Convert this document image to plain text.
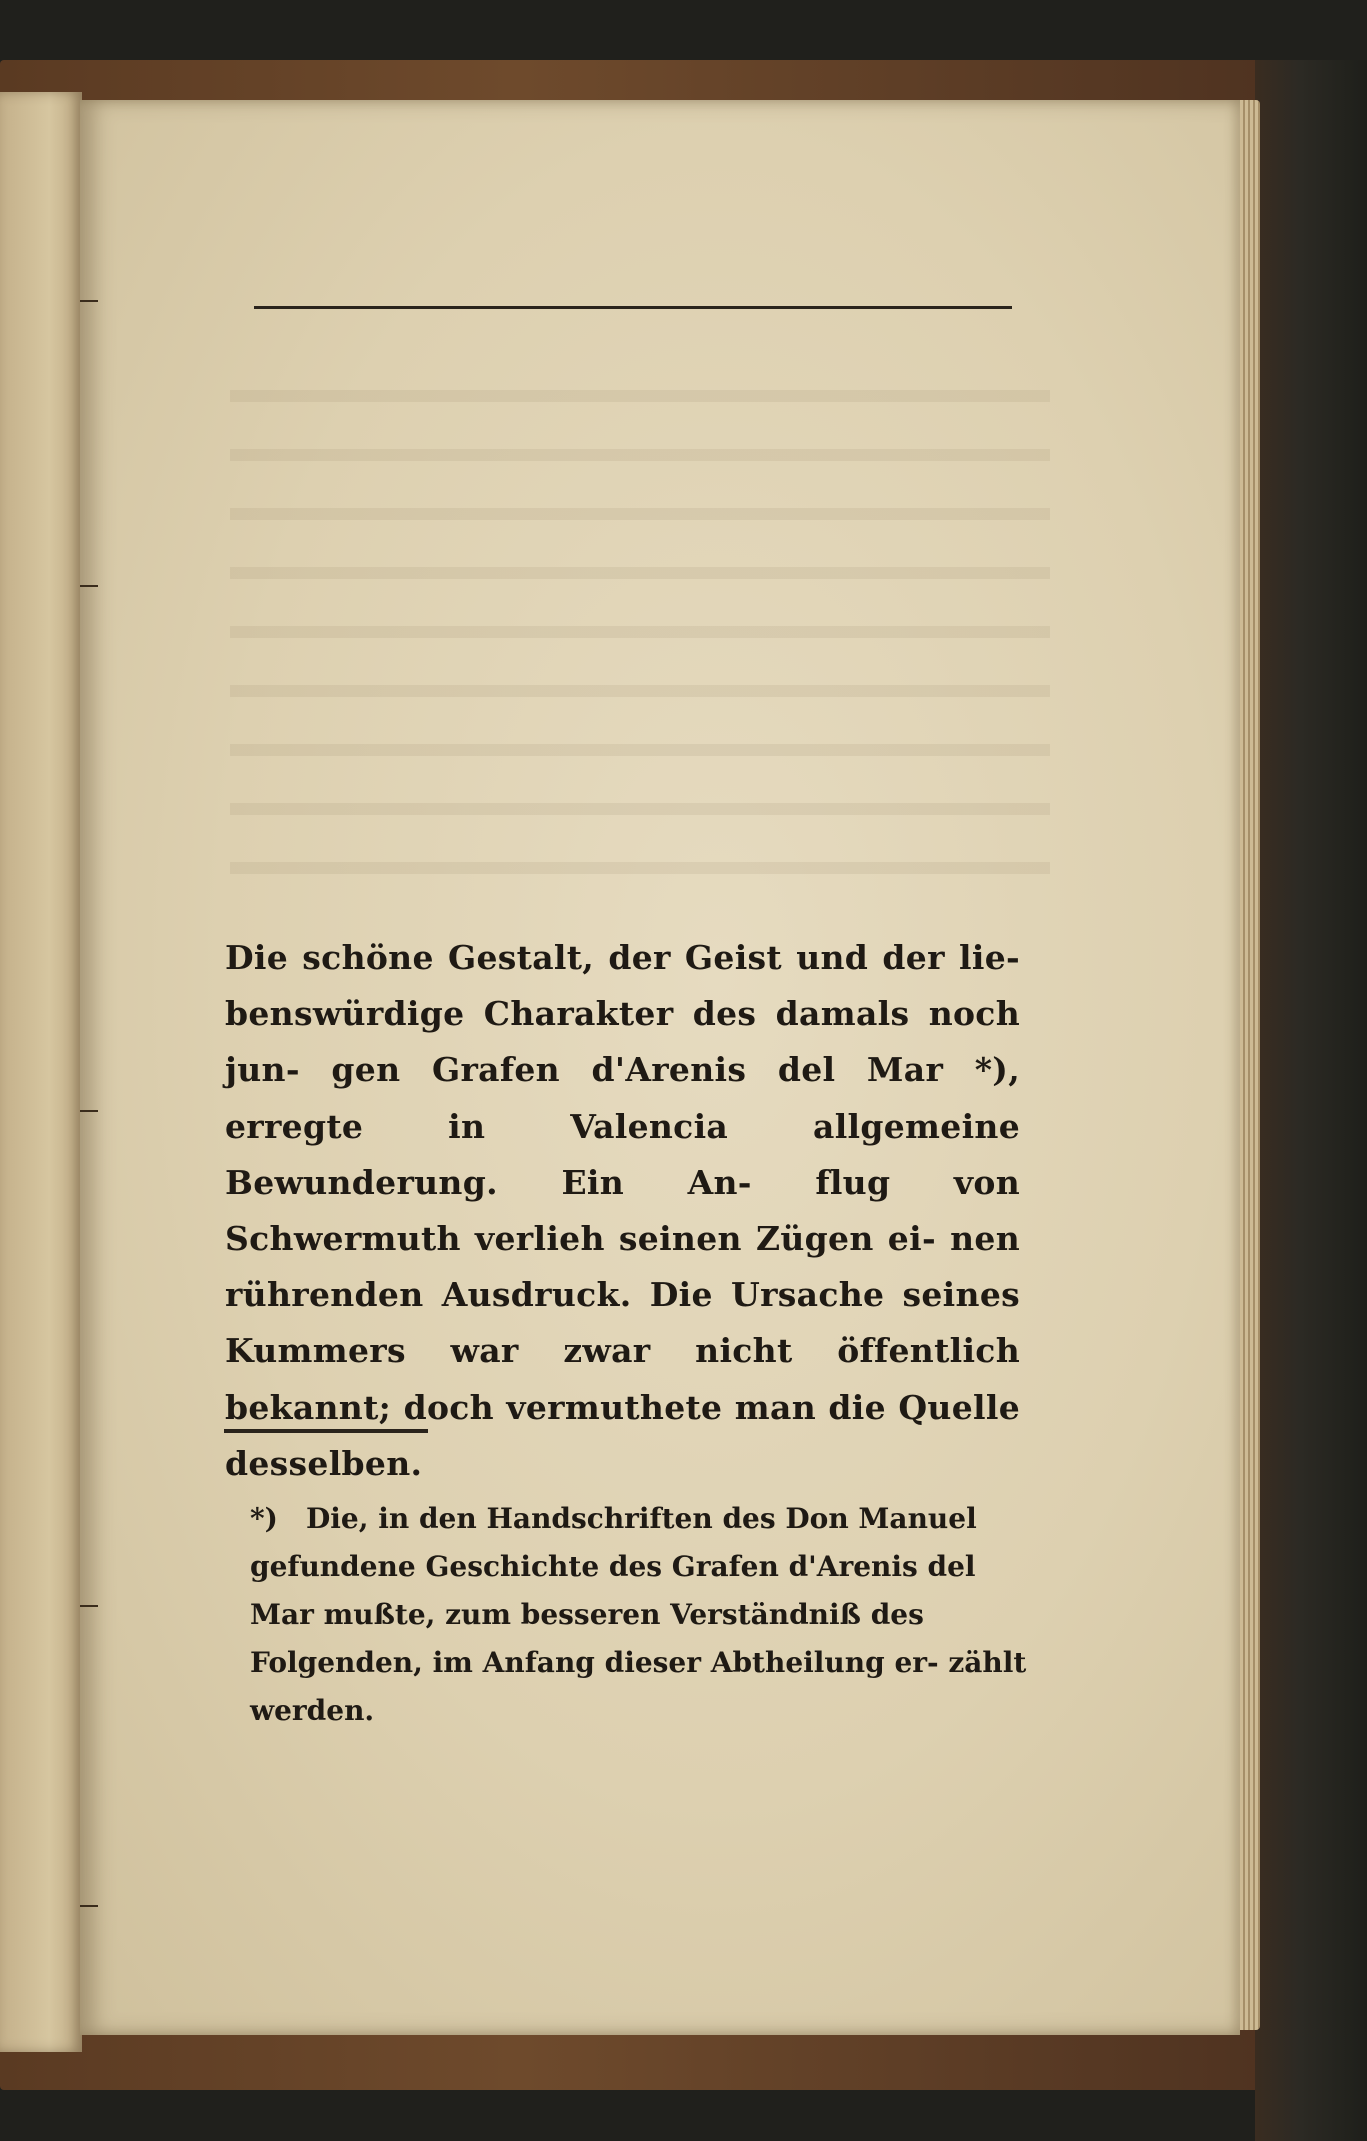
Die schöne Gestalt, der Geist und der lie- benswürdige Charakter des damals noch jun- gen Grafen d'Arenis del Mar *), erregte in Valencia allgemeine Bewunderung. Ein An- flug von Schwermuth verlieh seinen Zügen ei- nen rührenden Ausdruck. Die Ursache seines Kummers war zwar nicht öffentlich bekannt; doch vermuthete man die Quelle desselben.

*) Die, in den Handschriften des Don Manuel gefundene Geschichte des Grafen d'Arenis del Mar mußte, zum besseren Verständniß des Folgenden, im Anfang dieser Abtheilung er- zählt werden.
